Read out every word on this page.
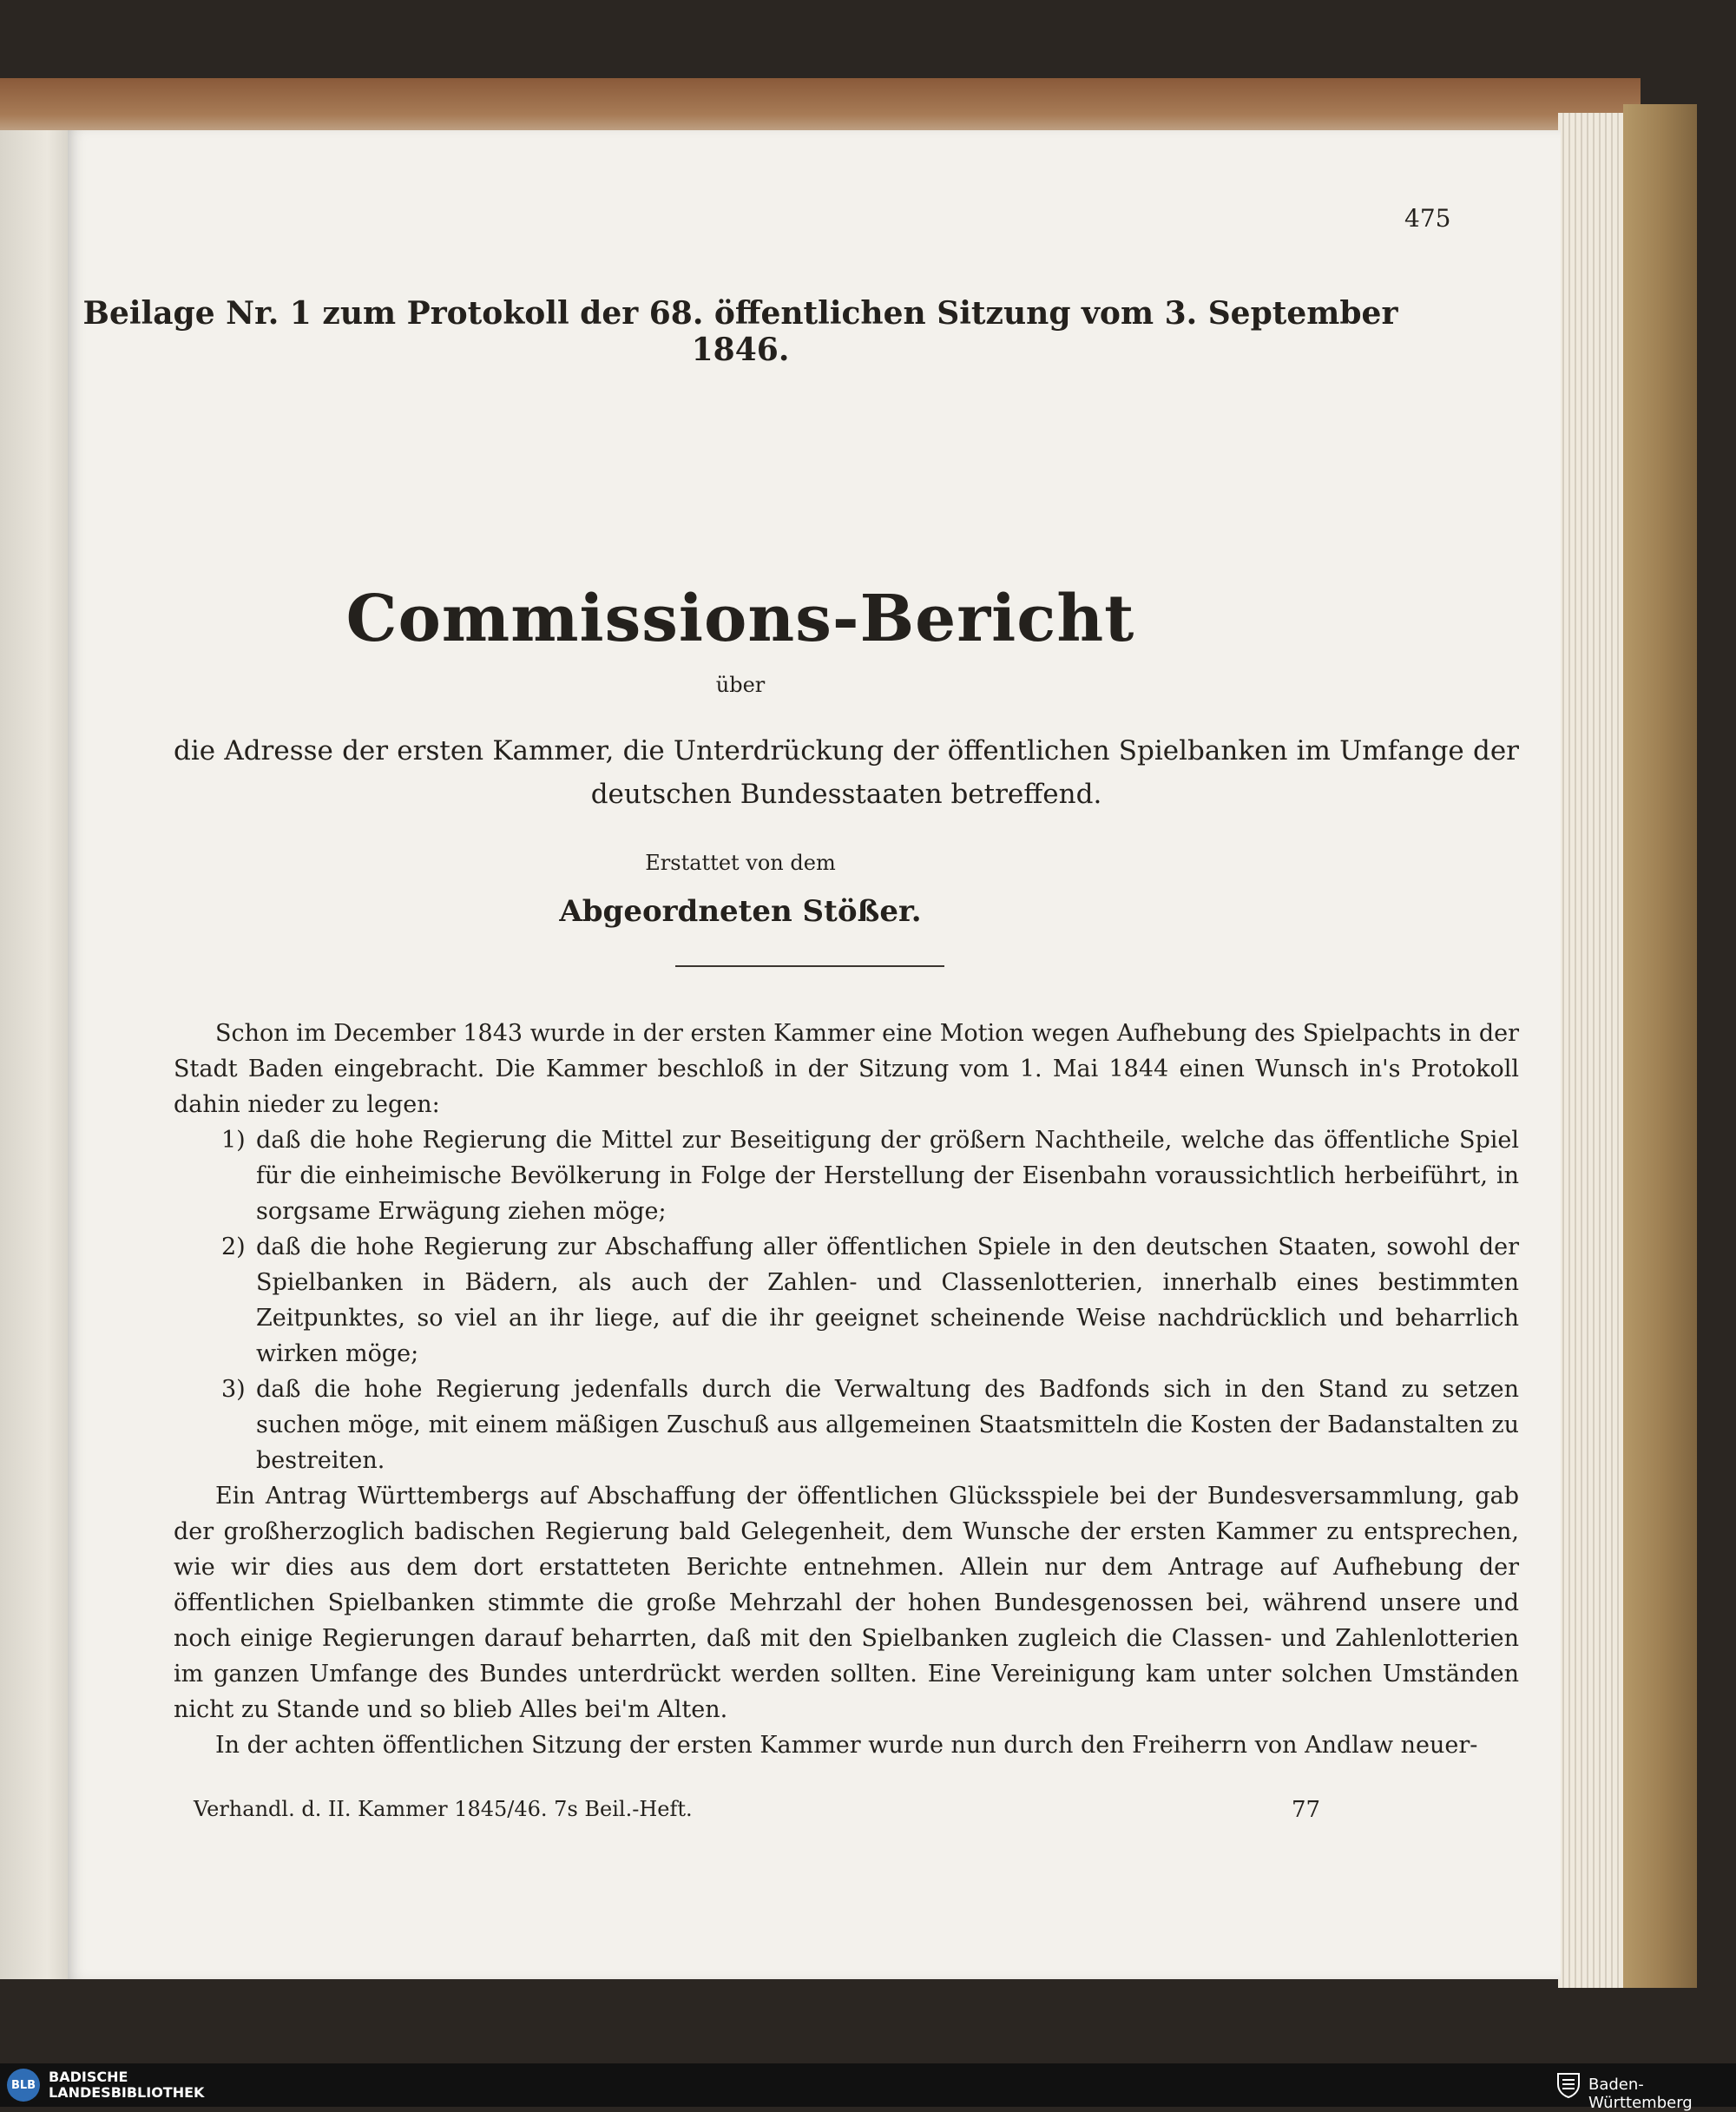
475
Beilage Nr. 1 zum Protokoll der 68. öffentlichen Sitzung vom 3. September 1846.
Commissions-Bericht
über
die Adresse der ersten Kammer, die Unterdrückung der öffentlichen Spielbanken im Umfange der deutschen Bundesstaaten betreffend.
Erstattet von dem
Abgeordneten Stößer.

Schon im December 1843 wurde in der ersten Kammer eine Motion wegen Aufhebung des Spielpachts in der Stadt Baden eingebracht. Die Kammer beschloß in der Sitzung vom 1. Mai 1844 einen Wunsch in's Protokoll dahin nieder zu legen:

1) daß die hohe Regierung die Mittel zur Beseitigung der größern Nachtheile, welche das öffentliche Spiel für die einheimische Bevölkerung in Folge der Herstellung der Eisenbahn voraussichtlich herbeiführt, in sorgsame Erwägung ziehen möge;
2) daß die hohe Regierung zur Abschaffung aller öffentlichen Spiele in den deutschen Staaten, sowohl der Spielbanken in Bädern, als auch der Zahlen- und Classenlotterien, innerhalb eines bestimmten Zeitpunktes, so viel an ihr liege, auf die ihr geeignet scheinende Weise nachdrücklich und beharrlich wirken möge;
3) daß die hohe Regierung jedenfalls durch die Verwaltung des Badfonds sich in den Stand zu setzen suchen möge, mit einem mäßigen Zuschuß aus allgemeinen Staatsmitteln die Kosten der Badanstalten zu bestreiten.

Ein Antrag Württembergs auf Abschaffung der öffentlichen Glücksspiele bei der Bundesversammlung, gab der großherzoglich badischen Regierung bald Gelegenheit, dem Wunsche der ersten Kammer zu entsprechen, wie wir dies aus dem dort erstatteten Berichte entnehmen. Allein nur dem Antrage auf Aufhebung der öffentlichen Spielbanken stimmte die große Mehrzahl der hohen Bundesgenossen bei, während unsere und noch einige Regierungen darauf beharrten, daß mit den Spielbanken zugleich die Classen- und Zahlenlotterien im ganzen Umfange des Bundes unterdrückt werden sollten. Eine Vereinigung kam unter solchen Umständen nicht zu Stande und so blieb Alles bei'm Alten.

In der achten öffentlichen Sitzung der ersten Kammer wurde nun durch den Freiherrn von Andlaw neuer-

Verhandl. d. II. Kammer 1845/46. 7s Beil.-Heft.	77
BLB BADISCHE
LANDESBIBLIOTHEK	Baden-Württemberg
